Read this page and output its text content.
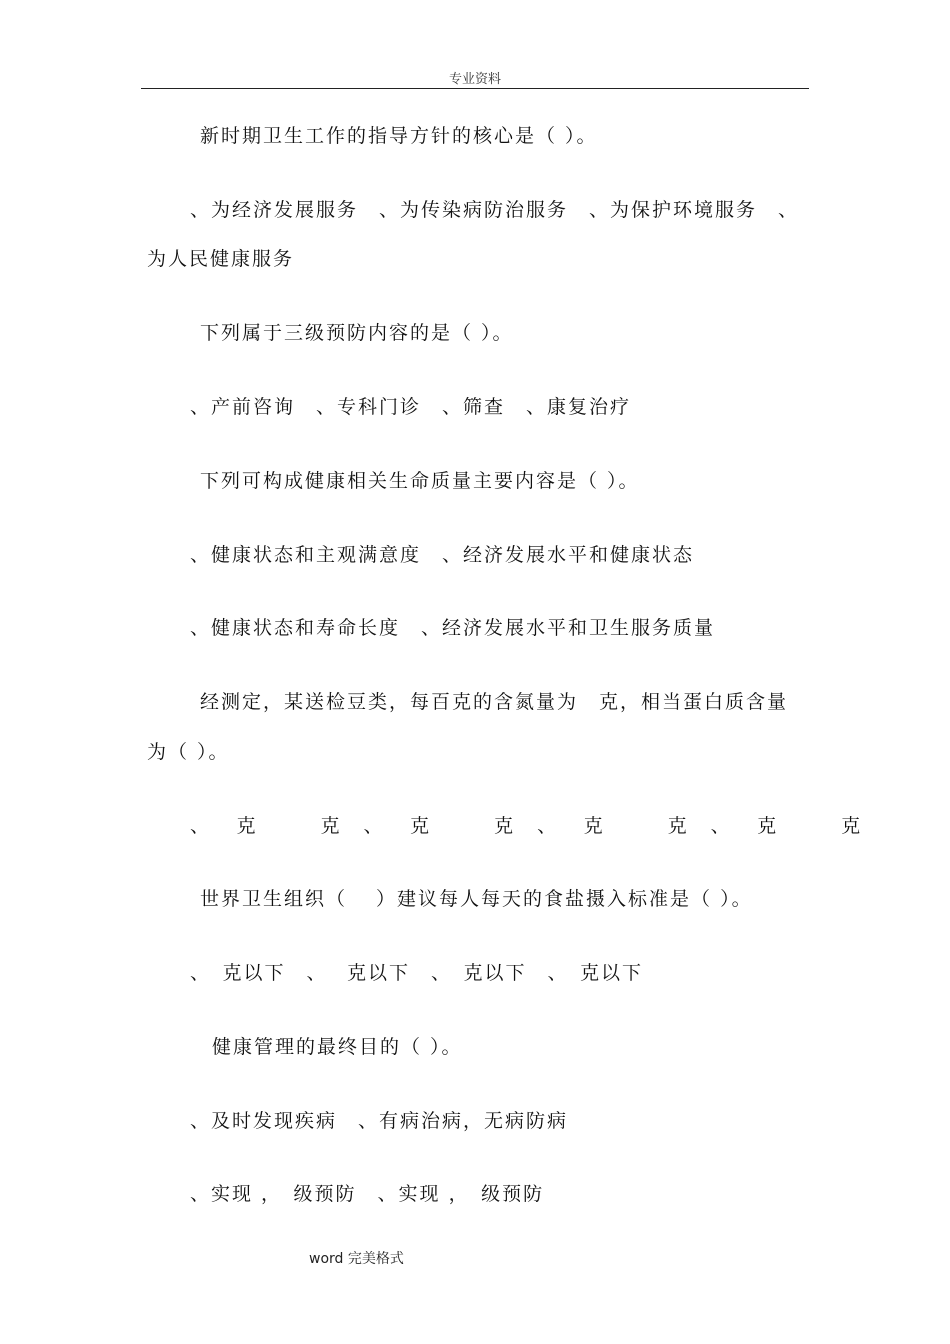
专业资料
新时期卫生工作的指导方针的核心是（ ）。
、为经济发展服务　、为传染病防治服务　、为保护环境服务　、
为人民健康服务
下列属于三级预防内容的是（ ）。
、产前咨询　、专科门诊　、筛查　、康复治疗
下列可构成健康相关生命质量主要内容是（ ）。
、健康状态和主观满意度　、经济发展水平和健康状态
、健康状态和寿命长度　、经济发展水平和卫生服务质量
经测定，某送检豆类，每百克的含氮量为　克，相当蛋白质含量
为（ ）。
、　克　　克 、　克　　克 、　克　　克 、　克　　克
世界卫生组织（　 ）建议每人每天的食盐摄入标准是（ ）。
、　克以下　、　 克以下　、　克以下　、　克以下
健康管理的最终目的（ ）。
、及时发现疾病　、有病治病，无病防病
、实现 ，　级预防　、实现 ，　级预防
word 完美格式
